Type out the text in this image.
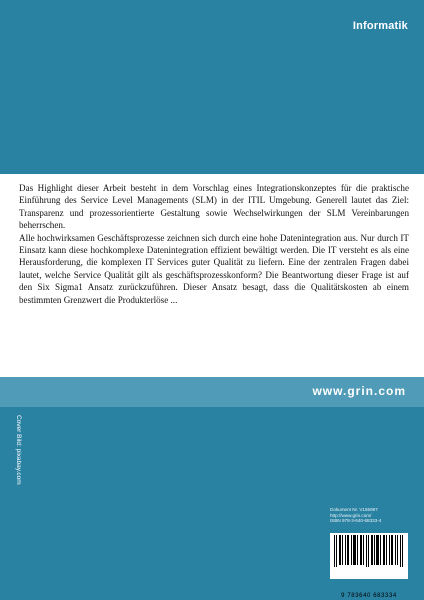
Informatik

Das Highlight dieser Arbeit besteht in dem Vorschlag eines Integrationskonzeptes für die praktische Einführung des Service Level Managements (SLM) in der ITIL Umgebung. Generell lautet das Ziel: Transparenz und prozessorientierte Gestaltung sowie Wechselwirkungen der SLM Vereinbarungen beherrschen.

Alle hochwirksamen Geschäftsprozesse zeichnen sich durch eine hohe Datenintegration aus. Nur durch IT Einsatz kann diese hochkomplexe Datenintegration effizient bewältigt werden. Die IT versteht es als eine Herausforderung, die komplexen IT Services guter Qualität zu liefern. Eine der zentralen Fragen dabei lautet, welche Service Qualität gilt als geschäftsprozesskonform? Die Beantwortung dieser Frage ist auf den Six Sigma1 Ansatz zurückzuführen. Dieser Ansatz besagt, dass die Qualitätskosten ab einem bestimmten Grenzwert die Produkterlöse ...

www.grin.com
Cover Bild: pixabay.com
Dokument Nr. V155987
http://www.grin.com/
ISBN 978-3-640-68333-4
9 783640 683334
